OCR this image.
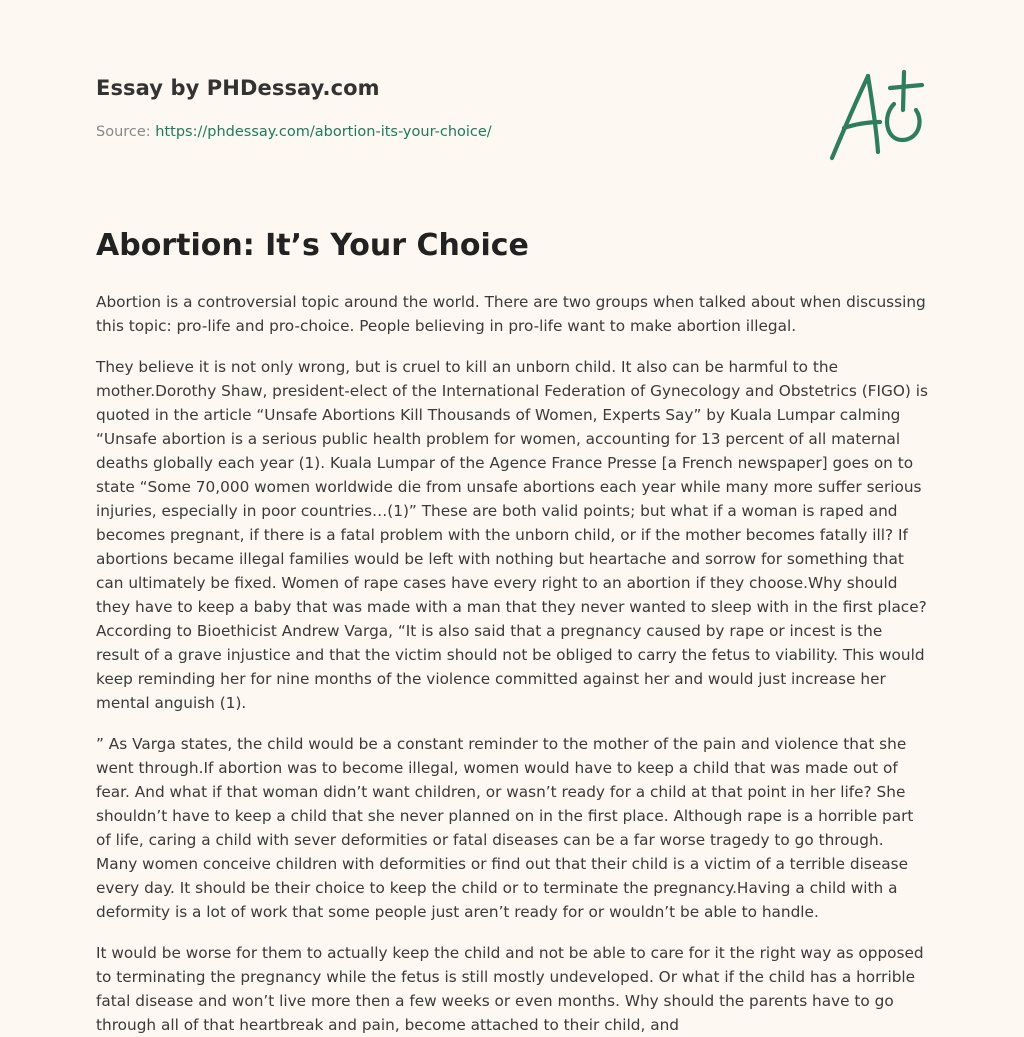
Essay by PHDessay.com
Source: https://phdessay.com/abortion-its-your-choice/
Abortion: It’s Your Choice

Abortion is a controversial topic around the world. There are two groups when talked about when discussing this topic: pro-life and pro-choice. People believing in pro-life want to make abortion illegal.

They believe it is not only wrong, but is cruel to kill an unborn child. It also can be harmful to the mother.Dorothy Shaw, president-elect of the International Federation of Gynecology and Obstetrics (FIGO) is quoted in the article “Unsafe Abortions Kill Thousands of Women, Experts Say” by Kuala Lumpar calming “Unsafe abortion is a serious public health problem for women, accounting for 13 percent of all maternal deaths globally each year (1). Kuala Lumpar of the Agence France Presse [a French newspaper] goes on to state “Some 70,000 women worldwide die from unsafe abortions each year while many more suffer serious injuries, especially in poor countries…(1)” These are both valid points; but what if a woman is raped and becomes pregnant, if there is a fatal problem with the unborn child, or if the mother becomes fatally ill? If abortions became illegal families would be left with nothing but heartache and sorrow for something that can ultimately be fixed. Women of rape cases have every right to an abortion if they choose.Why should they have to keep a baby that was made with a man that they never wanted to sleep with in the first place? According to Bioethicist Andrew Varga, “It is also said that a pregnancy caused by rape or incest is the result of a grave injustice and that the victim should not be obliged to carry the fetus to viability. This would keep reminding her for nine months of the violence committed against her and would just increase her mental anguish (1).

” As Varga states, the child would be a constant reminder to the mother of the pain and violence that she went through.If abortion was to become illegal, women would have to keep a child that was made out of fear. And what if that woman didn’t want children, or wasn’t ready for a child at that point in her life? She shouldn’t have to keep a child that she never planned on in the first place. Although rape is a horrible part of life, caring a child with sever deformities or fatal diseases can be a far worse tragedy to go through. Many women conceive children with deformities or find out that their child is a victim of a terrible disease every day. It should be their choice to keep the child or to terminate the pregnancy.Having a child with a deformity is a lot of work that some people just aren’t ready for or wouldn’t be able to handle.

It would be worse for them to actually keep the child and not be able to care for it the right way as opposed to terminating the pregnancy while the fetus is still mostly undeveloped. Or what if the child has a horrible fatal disease and won’t live more then a few weeks or even months. Why should the parents have to go through all of that heartbreak and pain, become attached to their child, and
